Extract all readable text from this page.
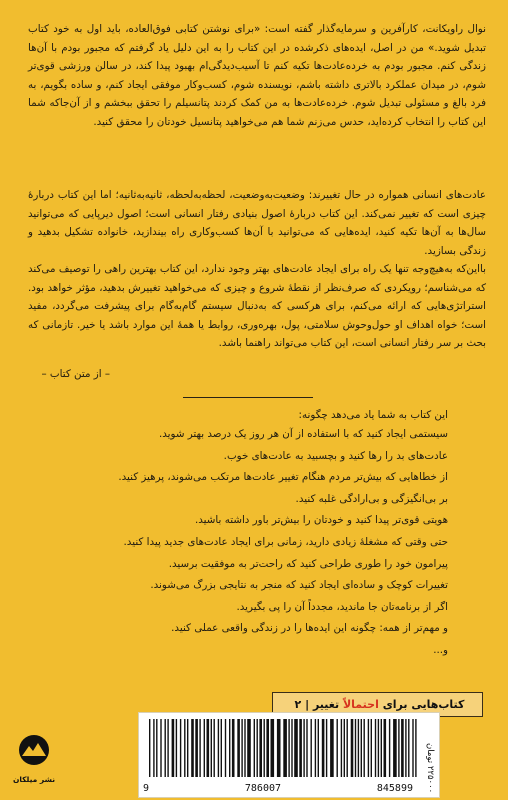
نوال راویکانت، کارآفرین و سرمایه‌گذار گفته است: «برای نوشتن کتابی فوق‌العاده، باید اول به خود کتاب تبدیل شوید.» من در اصل، ایده‌های ذکرشده در این کتاب را به این دلیل یاد گرفتم که مجبور بودم با آن‌ها زندگی کنم. مجبور بودم به خرده‌عادت‌ها تکیه کنم تا آسیب‌دیدگی‌ام بهبود پیدا کند، در سالن ورزشی قوی‌تر شوم، در میدان عملکرد بالاتری داشته باشم، نویسنده شوم، کسب‌وکار موفقی ایجاد کنم، و ساده بگویم، به فرد بالغ و مسئولی تبدیل شوم. خرده‌عادت‌ها به من کمک کردند پتانسیلم را تحقق ببخشم و از آن‌جاکه شما این کتاب را انتخاب کرده‌اید، حدس می‌زنم شما هم می‌خواهید پتانسیل خودتان را محقق کنید.

عادت‌های انسانی همواره در حال تغییرند: وضعیت‌به‌وضعیت، لحظه‌به‌لحظه، ثانیه‌به‌ثانیه؛ اما این کتاب دربارهٔ چیزی است که تغییر نمی‌کند. این کتاب دربارهٔ اصول بنیادی رفتار انسانی است؛ اصول دیرپایی که می‌توانید سال‌ها به آن‌ها تکیه کنید، ایده‌هایی که می‌توانید با آن‌ها کسب‌وکاری راه بیندازید، خانواده تشکیل بدهید و زندگی بسازید.

بااین‌که به‌هیچ‌وجه تنها یک راه برای ایجاد عادت‌های بهتر وجود ندارد، این کتاب بهترین راهی را توصیف می‌کند که می‌شناسم؛ رویکردی که صرف‌نظر از نقطهٔ شروع و چیزی که می‌خواهید تغییرش بدهید، مؤثر خواهد بود. استراتژی‌هایی که ارائه می‌کنم، برای هرکسی که به‌دنبال سیستم گام‌به‌گام برای پیشرفت می‌گردد، مفید است؛ خواه اهداف او حول‌وحوش سلامتی، پول، بهره‌وری، روابط یا همهٔ این موارد باشد یا خیر. تازمانی که بحث بر سر رفتار انسانی است، این کتاب می‌تواند راهنما باشد.

– از متن کتاب –
این کتاب به شما یاد می‌دهد چگونه:
سیستمی ایجاد کنید که با استفاده از آن هر روز یک درصد بهتر شوید.
عادت‌های بد را رها کنید و بچسبید به عادت‌های خوب.
از خطاهایی که بیش‌تر مردم هنگام تغییر عادت‌ها مرتکب می‌شوند، پرهیز کنید.
بر بی‌انگیزگی و بی‌ارادگی غلبه کنید.
هویتی قوی‌تر پیدا کنید و خودتان را بیش‌تر باور داشته باشید.
حتی وقتی که مشغلهٔ زیادی دارید، زمانی برای ایجاد عادت‌های جدید پیدا کنید.
پیرامون خود را طوری طراحی کنید که راحت‌تر به موفقیت برسید.
تغییرات کوچک و ساده‌ای ایجاد کنید که منجر به نتایجی بزرگ می‌شوند.
اگر از برنامه‌تان جا ماندید، مجدداً آن را پی بگیرید.
و مهم‌تر از همه: چگونه این ایده‌ها را در زندگی واقعی عملی کنید.
و...
کتاب‌هایی برای

احتمالاً

تغییر
|
۲
9	786007	845899
۲۲۵۰۰۰ تومان
نشر میلکان
